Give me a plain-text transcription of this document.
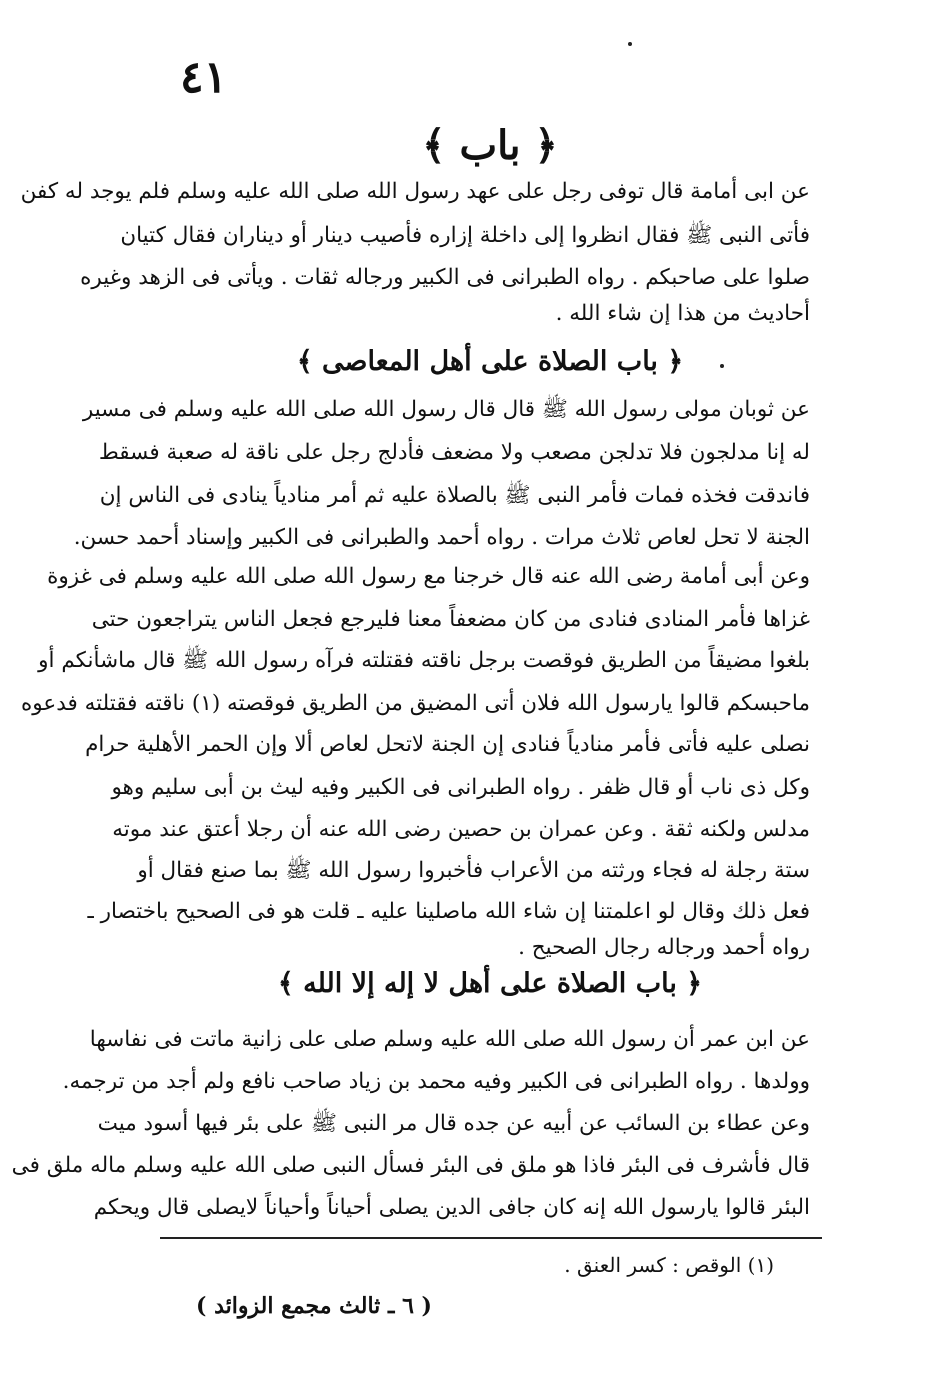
٤١
﴿ باب ﴾
عن ابى أمامة قال توفى رجل على عهد رسول الله صلى الله عليه وسلم فلم يوجد له كفن
فأتى النبى ﷺ فقال انظروا إلى داخلة إزاره فأصيب دينار أو ديناران فقال كتيان
صلوا على صاحبكم . رواه الطبرانى فى الكبير ورجاله ثقات . ويأتى فى الزهد وغيره
أحاديث من هذا إن شاء الله .
﴿ باب الصلاة على أهل المعاصى ﴾
عن ثوبان مولى رسول الله ﷺ قال قال رسول الله صلى الله عليه وسلم فى مسير
له إنا مدلجون فلا تدلجن مصعب ولا مضعف فأدلج رجل على ناقة له صعبة فسقط
فاندقت فخذه فمات فأمر النبى ﷺ بالصلاة عليه ثم أمر منادياً ينادى فى الناس إن
الجنة لا تحل لعاص ثلاث مرات . رواه أحمد والطبرانى فى الكبير وإسناد أحمد حسن.
وعن أبى أمامة رضى الله عنه قال خرجنا مع رسول الله صلى الله عليه وسلم فى غزوة
غزاها فأمر المنادى فنادى من كان مضعفاً معنا فليرجع فجعل الناس يتراجعون حتى
بلغوا مضيقاً من الطريق فوقصت برجل ناقته فقتلته فرآه رسول الله ﷺ قال ماشأنكم أو
ماحبسكم قالوا يارسول الله فلان أتى المضيق من الطريق فوقصته (١) ناقته فقتلته فدعوه
نصلى عليه فأتى فأمر منادياً فنادى إن الجنة لاتحل لعاص ألا وإن الحمر الأهلية حرام
وكل ذى ناب أو قال ظفر . رواه الطبرانى فى الكبير وفيه ليث بن أبى سليم وهو
مدلس ولكنه ثقة . وعن عمران بن حصين رضى الله عنه أن رجلا أعتق عند موته
ستة رجلة له فجاء ورثته من الأعراب فأخبروا رسول الله ﷺ بما صنع فقال أو
فعل ذلك وقال لو اعلمتنا إن شاء الله ماصلينا عليه ـ قلت هو فى الصحيح باختصار ـ
رواه أحمد ورجاله رجال الصحيح .
﴿ باب الصلاة على أهل لا إله إلا الله ﴾
عن ابن عمر أن رسول الله صلى الله عليه وسلم صلى على زانية ماتت فى نفاسها
وولدها . رواه الطبرانى فى الكبير وفيه محمد بن زياد صاحب نافع ولم أجد من ترجمه.
وعن عطاء بن السائب عن أبيه عن جده قال مر النبى ﷺ على بئر فيها أسود ميت
قال فأشرف فى البئر فاذا هو ملق فى البئر فسأل النبى صلى الله عليه وسلم ماله ملق فى
البئر قالوا يارسول الله إنه كان جافى الدين يصلى أحياناً وأحياناً لايصلى قال ويحكم
(١) الوقص : كسر العنق .
( ٦ ـ ثالث مجمع الزوائد )
